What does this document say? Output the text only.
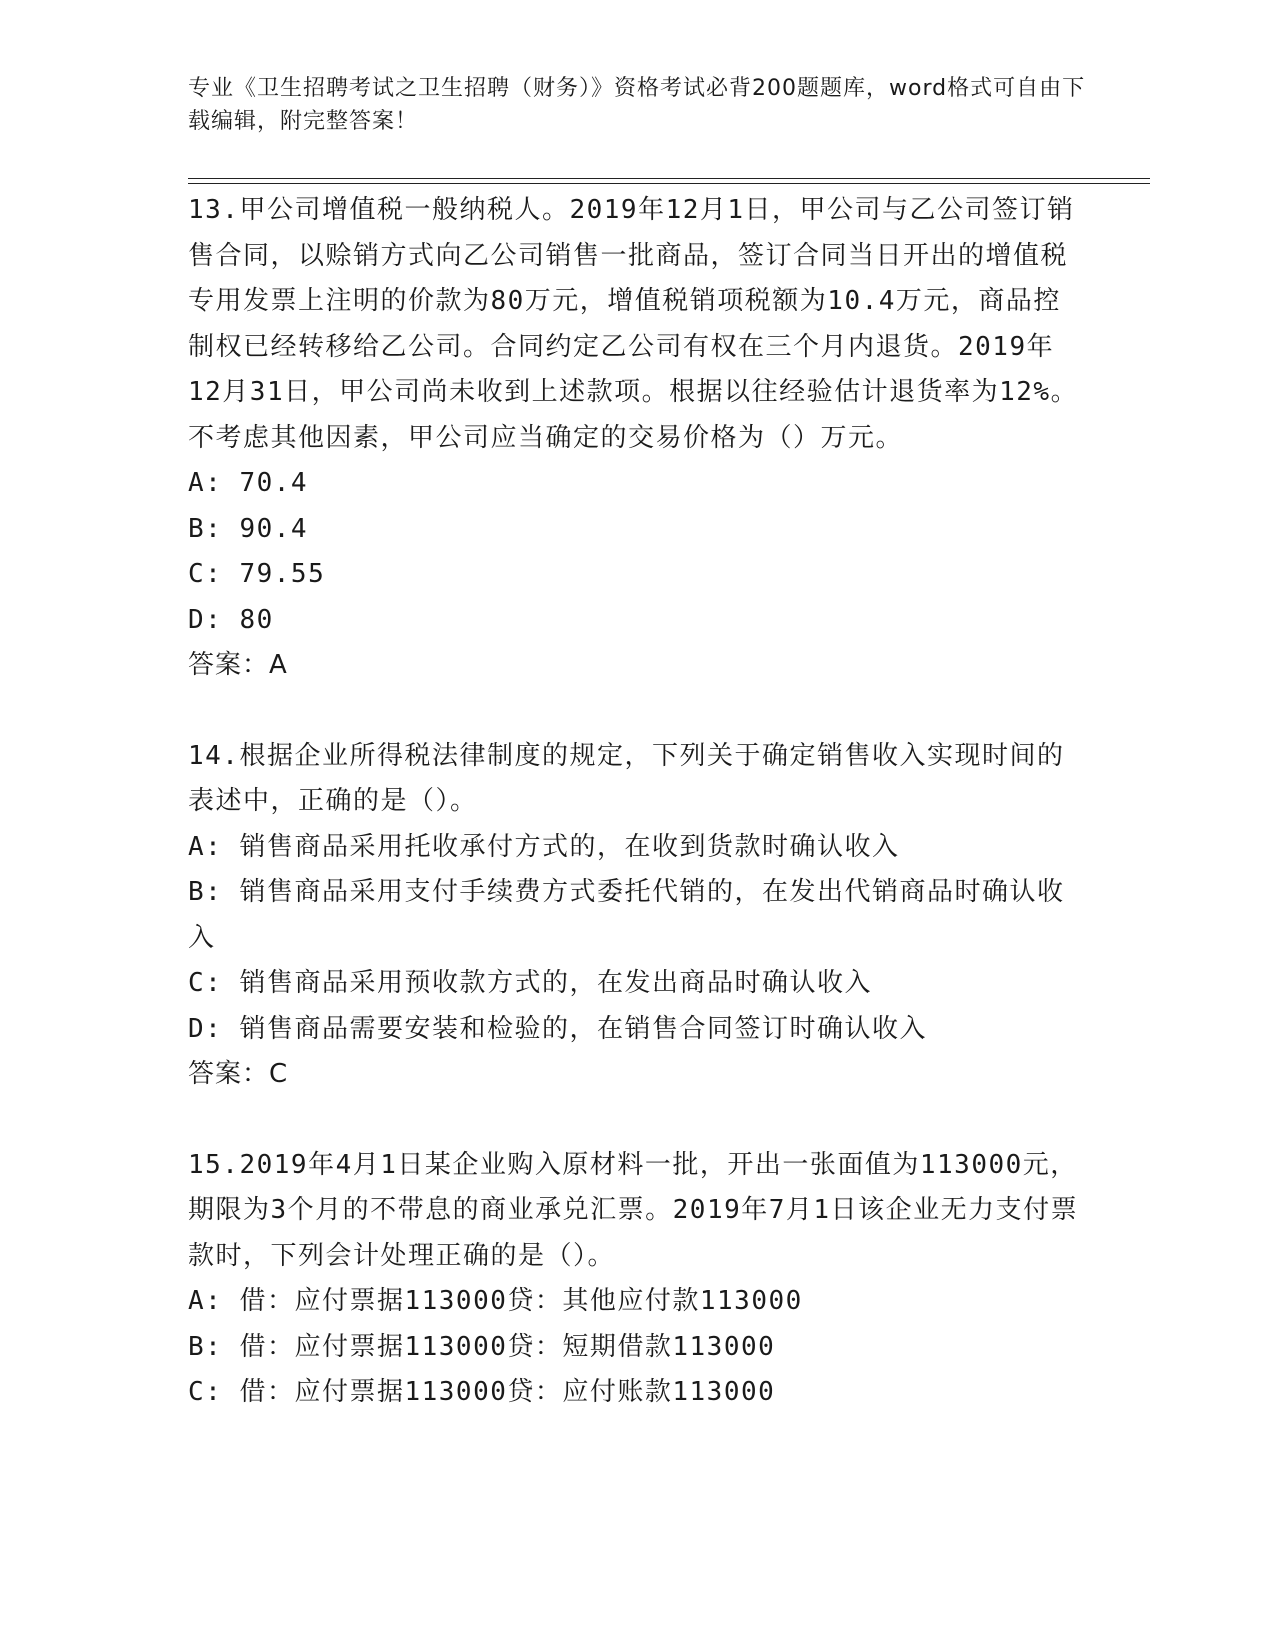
专业《卫生招聘考试之卫生招聘（财务）》资格考试必背200题题库，word格式可自由下载编辑，附完整答案！

13.甲公司增值税一般纳税人。2019年12月1日，甲公司与乙公司签订销售合同，以赊销方式向乙公司销售一批商品，签订合同当日开出的增值税专用发票上注明的价款为80万元，增值税销项税额为10.4万元，商品控制权已经转移给乙公司。合同约定乙公司有权在三个月内退货。2019年12月31日，甲公司尚未收到上述款项。根据以往经验估计退货率为12%。不考虑其他因素，甲公司应当确定的交易价格为（）万元。

A: 70.4

B: 90.4

C: 79.55

D: 80

答案：A

14.根据企业所得税法律制度的规定，下列关于确定销售收入实现时间的表述中，正确的是（）。

A: 销售商品采用托收承付方式的，在收到货款时确认收入

B: 销售商品采用支付手续费方式委托代销的，在发出代销商品时确认收入

C: 销售商品采用预收款方式的，在发出商品时确认收入

D: 销售商品需要安装和检验的，在销售合同签订时确认收入

答案：C

15.2019年4月1日某企业购入原材料一批，开出一张面值为113000元，期限为3个月的不带息的商业承兑汇票。2019年7月1日该企业无力支付票款时，下列会计处理正确的是（）。

A: 借：应付票据113000贷：其他应付款113000

B: 借：应付票据113000贷：短期借款113000

C: 借：应付票据113000贷：应付账款113000
